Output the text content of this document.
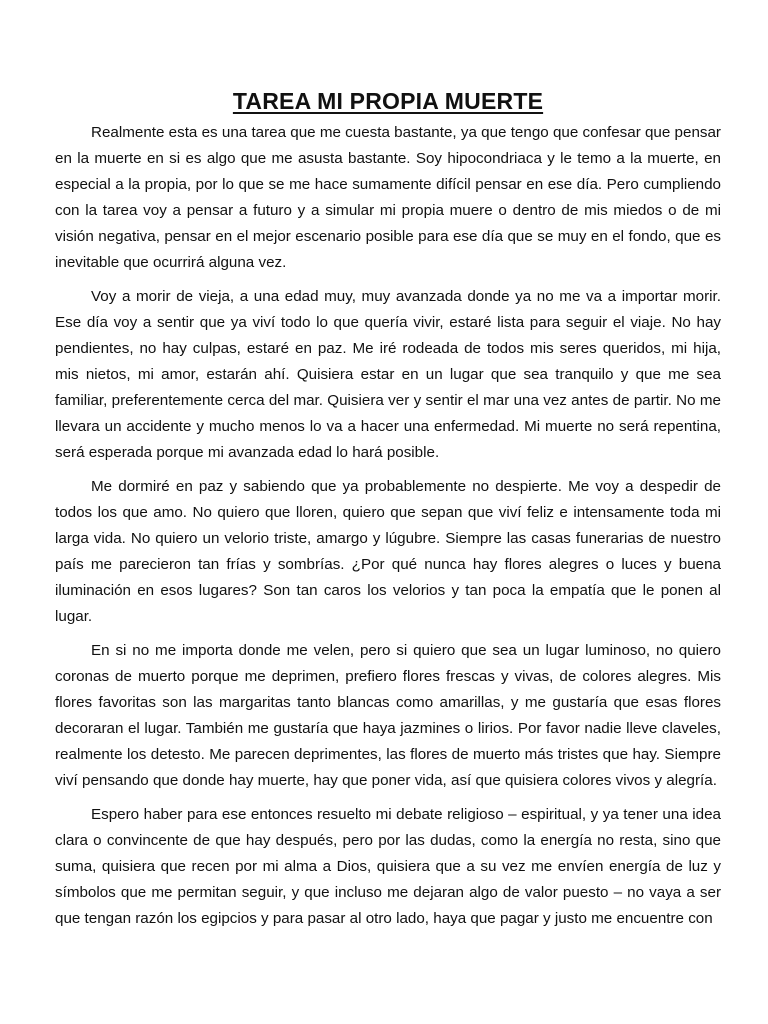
TAREA MI PROPIA MUERTE

Realmente esta es una tarea que me cuesta bastante, ya que tengo que confesar que pensar en la muerte en si es algo que me asusta bastante. Soy hipocondriaca y le temo a la muerte, en especial a la propia, por lo que se me hace sumamente difícil pensar en ese día. Pero cumpliendo con la tarea voy a pensar a futuro y a simular mi propia muere o dentro de mis miedos o de mi visión negativa, pensar en el mejor escenario posible para ese día que se muy en el fondo, que es inevitable que ocurrirá alguna vez.

Voy a morir de vieja, a una edad muy, muy avanzada donde ya no me va a importar morir. Ese día voy a sentir que ya viví todo lo que quería vivir, estaré lista para seguir el viaje. No hay pendientes, no hay culpas, estaré en paz. Me iré rodeada de todos mis seres queridos, mi hija, mis nietos, mi amor, estarán ahí. Quisiera estar en un lugar que sea tranquilo y que me sea familiar, preferentemente cerca del mar. Quisiera ver y sentir el mar una vez antes de partir. No me llevara un accidente y mucho menos lo va a hacer una enfermedad. Mi muerte no será repentina, será esperada porque mi avanzada edad lo hará posible.

Me dormiré en paz y sabiendo que ya probablemente no despierte. Me voy a despedir de todos los que amo. No quiero que lloren, quiero que sepan que viví feliz e intensamente toda mi larga vida. No quiero un velorio triste, amargo y lúgubre. Siempre las casas funerarias de nuestro país me parecieron tan frías y sombrías. ¿Por qué nunca hay flores alegres o luces y buena iluminación en esos lugares? Son tan caros los velorios y tan poca la empatía que le ponen al lugar.

En si no me importa donde me velen, pero si quiero que sea un lugar luminoso, no quiero coronas de muerto porque me deprimen, prefiero flores frescas y vivas, de colores alegres. Mis flores favoritas son las margaritas tanto blancas como amarillas, y me gustaría que esas flores decoraran el lugar. También me gustaría que haya jazmines o lirios. Por favor nadie lleve claveles, realmente los detesto. Me parecen deprimentes, las flores de muerto más tristes que hay. Siempre viví pensando que donde hay muerte, hay que poner vida, así que quisiera colores vivos y alegría.

Espero haber para ese entonces resuelto mi debate religioso – espiritual, y ya tener una idea clara o convincente de que hay después, pero por las dudas, como la energía no resta, sino que suma, quisiera que recen por mi alma a Dios, quisiera que a su vez me envíen energía de luz y símbolos que me permitan seguir, y que incluso me dejaran algo de valor puesto – no vaya a ser que tengan razón los egipcios y para pasar al otro lado, haya que pagar y justo me encuentre con
